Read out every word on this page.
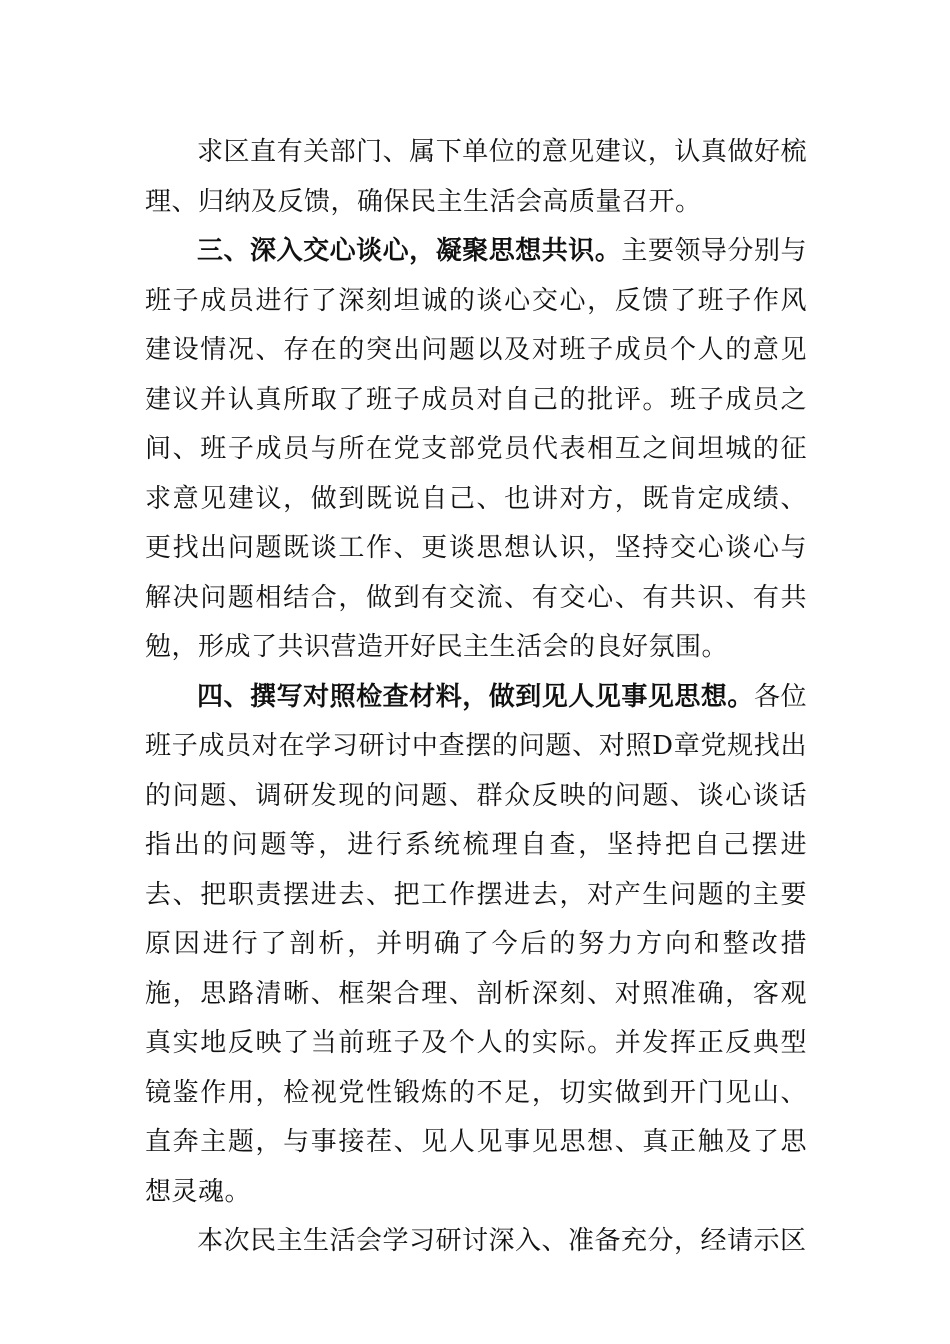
求区直有关部门、属下单位的意见建议，认真做好梳理、归纳及反馈，确保民主生活会高质量召开。

三、深入交心谈心，凝聚思想共识。主要领导分别与班子成员进行了深刻坦诚的谈心交心，反馈了班子作风建设情况、存在的突出问题以及对班子成员个人的意见建议并认真所取了班子成员对自己的批评。班子成员之间、班子成员与所在党支部党员代表相互之间坦城的征求意见建议，做到既说自己、也讲对方，既肯定成绩、更找出问题既谈工作、更谈思想认识，坚持交心谈心与解决问题相结合，做到有交流、有交心、有共识、有共勉，形成了共识营造开好民主生活会的良好氛围。

四、撰写对照检查材料，做到见人见事见思想。各位班子成员对在学习研讨中查摆的问题、对照D章党规找出的问题、调研发现的问题、群众反映的问题、谈心谈话指出的问题等，进行系统梳理自查，坚持把自己摆进去、把职责摆进去、把工作摆进去，对产生问题的主要原因进行了剖析，并明确了今后的努力方向和整改措施，思路清晰、框架合理、剖析深刻、对照准确，客观真实地反映了当前班子及个人的实际。并发挥正反典型镜鉴作用，检视党性锻炼的不足，切实做到开门见山、直奔主题，与事接茬、见人见事见思想、真正触及了思想灵魂。

本次民主生活会学习研讨深入、准备充分，经请示区
